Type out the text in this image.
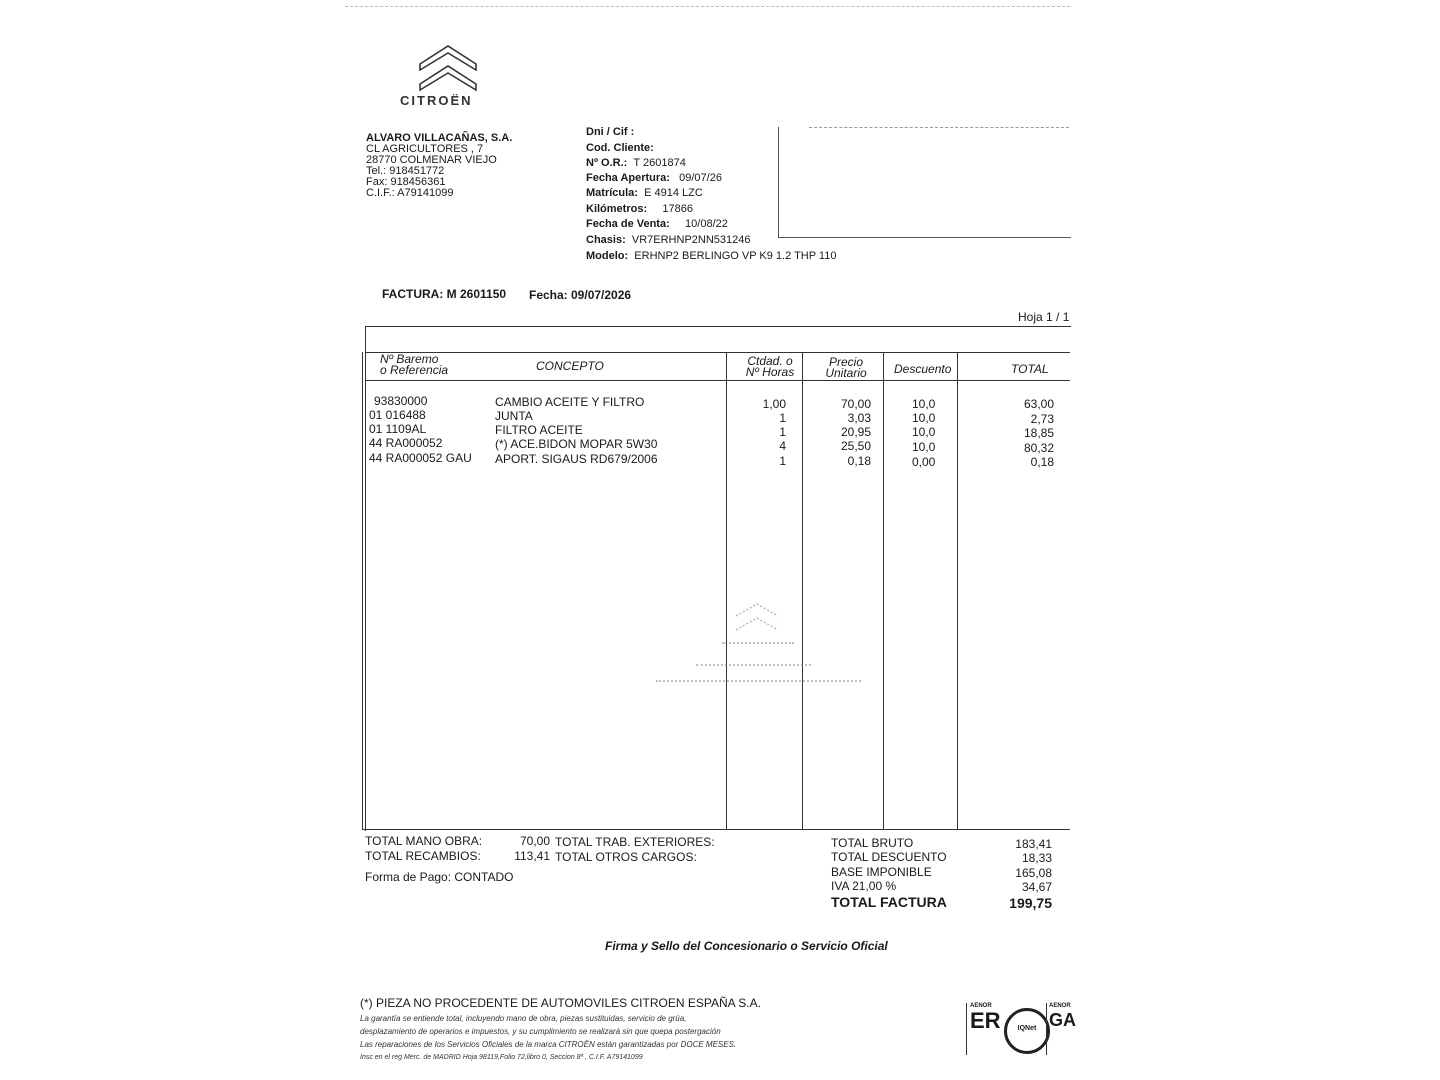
CITROËN
ALVARO VILLACAÑAS, S.A.
CL AGRICULTORES , 7
28770 COLMENAR VIEJO
Tel.: 918451772
Fax: 918456361
C.I.F.: A79141099
Dni / Cif :
Cod. Cliente:
Nº O.R.: T 2601874
Fecha Apertura: 09/07/26
Matrícula: E 4914 LZC
Kilómetros: 17866
Fecha de Venta: 10/08/22
Chasis: VR7ERHNP2NN531246
Modelo: ERHNP2 BERLINGO VP K9 1.2 THP 110
FACTURA: M 2601150 Fecha: 09/07/2026
Hoja 1 / 1
Nº Baremo
o Referencia	CONCEPTO	Ctdad. o
Nº Horas
Precio
Unitario	Descuento	TOTAL
93830000	CAMBIO ACEITE Y FILTRO	1,00	70,00	10,0	63,00
01 016488	JUNTA	1	3,03	10,0	2,73
01 1109AL	FILTRO ACEITE	1	20,95	10,0	18,85
44 RA000052	(*) ACE.BIDON MOPAR 5W30	4	25,50	10,0	80,32
44 RA000052 GAU APORT. SIGAUS RD679/2006	1	0,18	0,00	0,18
TOTAL MANO OBRA:	70,00 TOTAL TRAB. EXTERIORES:
TOTAL RECAMBIOS:	113,41 TOTAL OTROS CARGOS:
Forma de Pago: CONTADO
TOTAL BRUTO	183,41
TOTAL DESCUENTO	18,33
BASE IMPONIBLE	165,08
IVA 21,00 %	34,67
TOTAL FACTURA	199,75
Firma y Sello del Concesionario o Servicio Oficial
(*) PIEZA NO PROCEDENTE DE AUTOMOVILES CITROEN ESPAÑA S.A.
La garantía se entiende total, incluyendo mano de obra, piezas sustituidas, servicio de grúa,
desplazamiento de operarios e impuestos, y su cumplimiento se realizará sin que quepa postergación
Las reparaciones de los Servicios Oficiales de la marca CITROËN están garantizadas por DOCE MESES.
Insc en el reg Merc. de MADRID Hoja 98119,Folio 72,libro 0, Seccion 8ª , C.I.F. A79141099
AENOR
ER	IQNet
AENOR
GA
